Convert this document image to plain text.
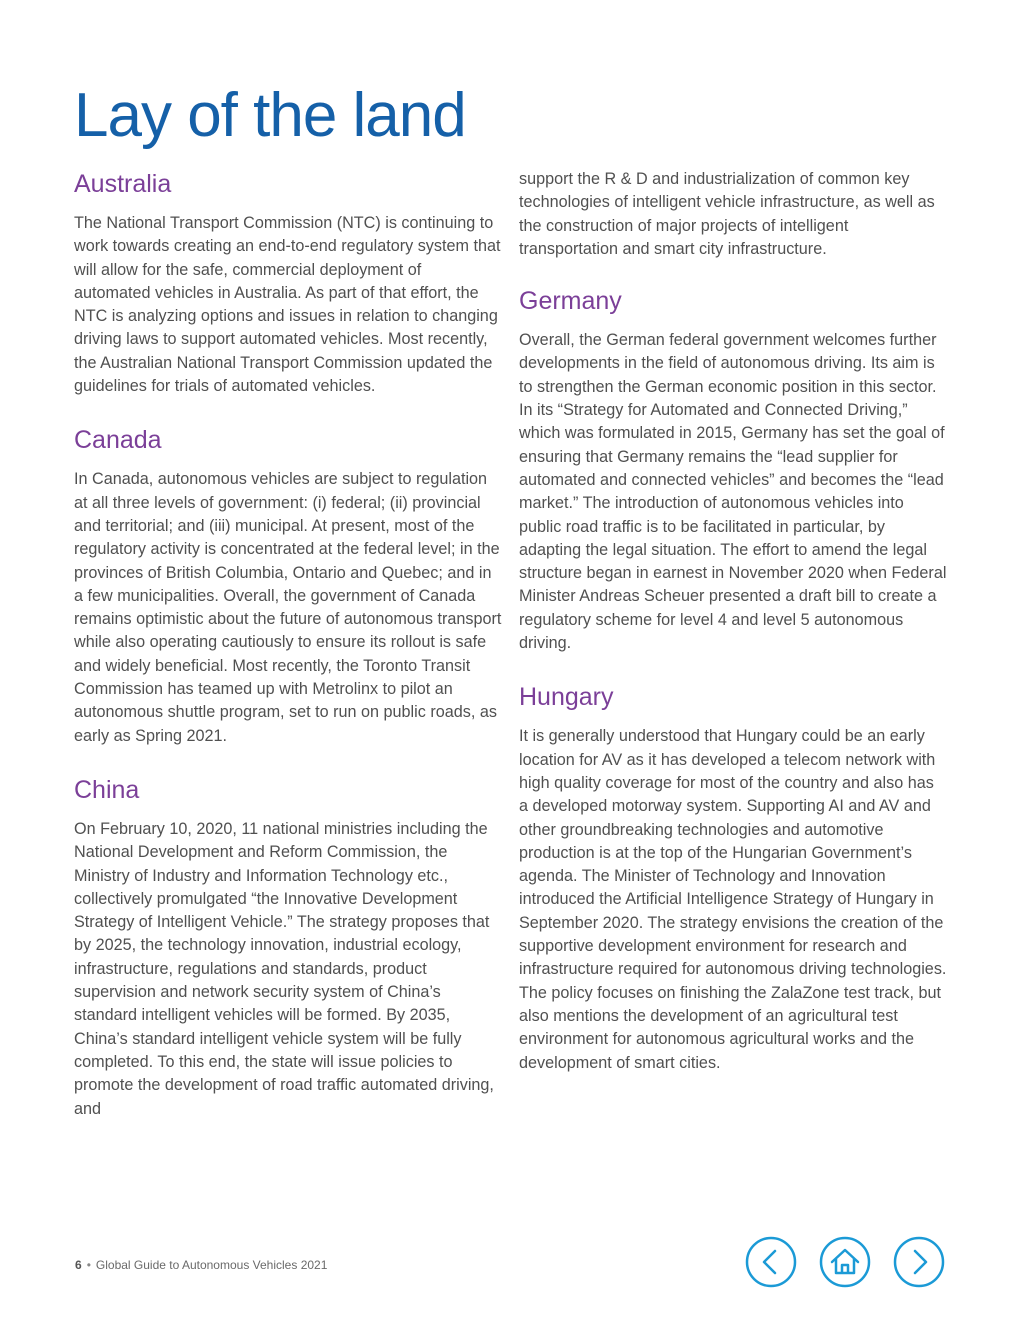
Lay of the land
Australia

The National Transport Commission (NTC) is continuing to work towards creating an end-to-end regulatory system that will allow for the safe, commercial deployment of automated vehicles in Australia. As part of that effort, the NTC is analyzing options and issues in relation to changing driving laws to support automated vehicles. Most recently, the Australian National Transport Commission updated the guidelines for trials of automated vehicles.

Canada

In Canada, autonomous vehicles are subject to regulation at all three levels of government: (i) federal; (ii) provincial and territorial; and (iii) municipal. At present, most of the regulatory activity is concentrated at the federal level; in the provinces of British Columbia, Ontario and Quebec; and in a few municipalities. Overall, the government of Canada remains optimistic about the future of autonomous transport while also operating cautiously to ensure its rollout is safe and widely beneficial. Most recently, the Toronto Transit Commission has teamed up with Metrolinx to pilot an autonomous shuttle program, set to run on public roads, as early as Spring 2021.

China

On February 10, 2020, 11 national ministries including the National Development and Reform Commission, the Ministry of Industry and Information Technology etc., collectively promulgated “the Innovative Development Strategy of Intelligent Vehicle.” The strategy proposes that by 2025, the technology innovation, industrial ecology, infrastructure, regulations and standards, product supervision and network security system of China’s standard intelligent vehicles will be formed. By 2035, China’s standard intelligent vehicle system will be fully completed. To this end, the state will issue policies to promote the development of road traffic automated driving, and

support the R & D and industrialization of common key technologies of intelligent vehicle infrastructure, as well as the construction of major projects of intelligent transportation and smart city infrastructure.

Germany

Overall, the German federal government welcomes further developments in the field of autonomous driving. Its aim is to strengthen the German economic position in this sector. In its “Strategy for Automated and Connected Driving,” which was formulated in 2015, Germany has set the goal of ensuring that Germany remains the “lead supplier for automated and connected vehicles” and becomes the “lead market.” The introduction of autonomous vehicles into public road traffic is to be facilitated in particular, by adapting the legal situation. The effort to amend the legal structure began in earnest in November 2020 when Federal Minister Andreas Scheuer presented a draft bill to create a regulatory scheme for level 4 and level 5 autonomous driving.

Hungary

It is generally understood that Hungary could be an early location for AV as it has developed a telecom network with high quality coverage for most of the country and also has a developed motorway system. Supporting AI and AV and other groundbreaking technologies and automotive production is at the top of the Hungarian Government’s agenda. The Minister of Technology and Innovation introduced the Artificial Intelligence Strategy of Hungary in September 2020. The strategy envisions the creation of the supportive development environment for research and infrastructure required for autonomous driving technologies. The policy focuses on finishing the ZalaZone test track, but also mentions the development of an agricultural test environment for autonomous agricultural works and the development of smart cities.

6 • Global Guide to Autonomous Vehicles 2021
